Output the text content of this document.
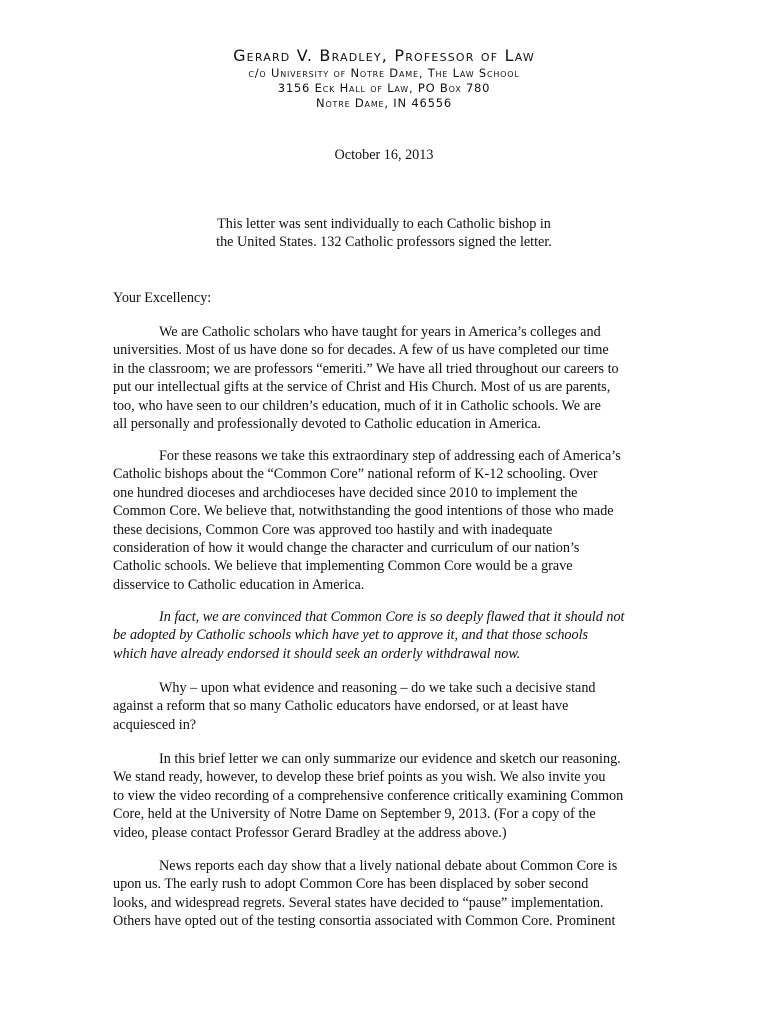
Gerard V. Bradley, Professor of Law
c/o University of Notre Dame, The Law School
3156 Eck Hall of Law, PO Box 780
Notre Dame, IN 46556
October 16, 2013
This letter was sent individually to each Catholic bishop in
the United States. 132 Catholic professors signed the letter.
Your Excellency:
We are Catholic scholars who have taught for years in America’s colleges and
universities. Most of us have done so for decades. A few of us have completed our time
in the classroom; we are professors “emeriti.” We have all tried throughout our careers to
put our intellectual gifts at the service of Christ and His Church. Most of us are parents,
too, who have seen to our children’s education, much of it in Catholic schools. We are
all personally and professionally devoted to Catholic education in America.
For these reasons we take this extraordinary step of addressing each of America’s
Catholic bishops about the “Common Core” national reform of K-12 schooling. Over
one hundred dioceses and archdioceses have decided since 2010 to implement the
Common Core. We believe that, notwithstanding the good intentions of those who made
these decisions, Common Core was approved too hastily and with inadequate
consideration of how it would change the character and curriculum of our nation’s
Catholic schools. We believe that implementing Common Core would be a grave
disservice to Catholic education in America.
In fact, we are convinced that Common Core is so deeply flawed that it should not
be adopted by Catholic schools which have yet to approve it, and that those schools
which have already endorsed it should seek an orderly withdrawal now.
Why – upon what evidence and reasoning – do we take such a decisive stand
against a reform that so many Catholic educators have endorsed, or at least have
acquiesced in?
In this brief letter we can only summarize our evidence and sketch our reasoning.
We stand ready, however, to develop these brief points as you wish. We also invite you
to view the video recording of a comprehensive conference critically examining Common
Core, held at the University of Notre Dame on September 9, 2013. (For a copy of the
video, please contact Professor Gerard Bradley at the address above.)
News reports each day show that a lively national debate about Common Core is
upon us. The early rush to adopt Common Core has been displaced by sober second
looks, and widespread regrets. Several states have decided to “pause” implementation.
Others have opted out of the testing consortia associated with Common Core. Prominent
